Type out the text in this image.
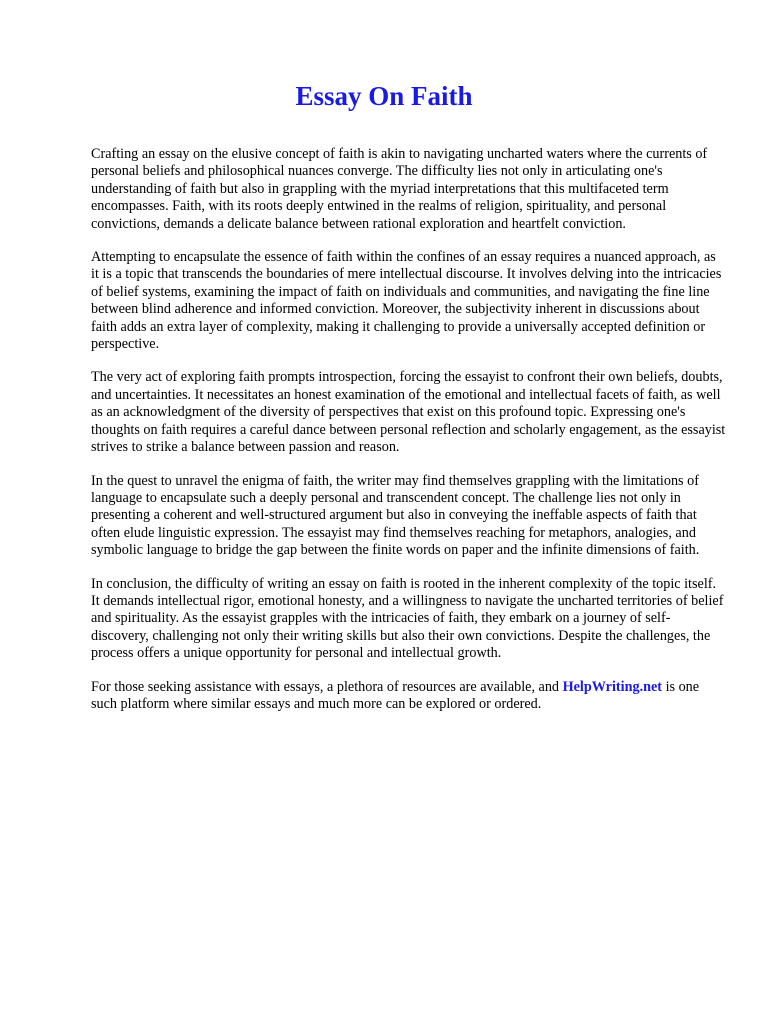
Essay On Faith

Crafting an essay on the elusive concept of faith is akin to navigating uncharted waters where the currents of personal beliefs and philosophical nuances converge. The difficulty lies not only in articulating one's understanding of faith but also in grappling with the myriad interpretations that this multifaceted term encompasses. Faith, with its roots deeply entwined in the realms of religion, spirituality, and personal convictions, demands a delicate balance between rational exploration and heartfelt conviction.

Attempting to encapsulate the essence of faith within the confines of an essay requires a nuanced approach, as it is a topic that transcends the boundaries of mere intellectual discourse. It involves delving into the intricacies of belief systems, examining the impact of faith on individuals and communities, and navigating the fine line between blind adherence and informed conviction. Moreover, the subjectivity inherent in discussions about faith adds an extra layer of complexity, making it challenging to provide a universally accepted definition or perspective.

The very act of exploring faith prompts introspection, forcing the essayist to confront their own beliefs, doubts, and uncertainties. It necessitates an honest examination of the emotional and intellectual facets of faith, as well as an acknowledgment of the diversity of perspectives that exist on this profound topic. Expressing one's thoughts on faith requires a careful dance between personal reflection and scholarly engagement, as the essayist strives to strike a balance between passion and reason.

In the quest to unravel the enigma of faith, the writer may find themselves grappling with the limitations of language to encapsulate such a deeply personal and transcendent concept. The challenge lies not only in presenting a coherent and well-structured argument but also in conveying the ineffable aspects of faith that often elude linguistic expression. The essayist may find themselves reaching for metaphors, analogies, and symbolic language to bridge the gap between the finite words on paper and the infinite dimensions of faith.

In conclusion, the difficulty of writing an essay on faith is rooted in the inherent complexity of the topic itself. It demands intellectual rigor, emotional honesty, and a willingness to navigate the uncharted territories of belief and spirituality. As the essayist grapples with the intricacies of faith, they embark on a journey of self-discovery, challenging not only their writing skills but also their own convictions. Despite the challenges, the process offers a unique opportunity for personal and intellectual growth.

For those seeking assistance with essays, a plethora of resources are available, and HelpWriting.net is one such platform where similar essays and much more can be explored or ordered.
